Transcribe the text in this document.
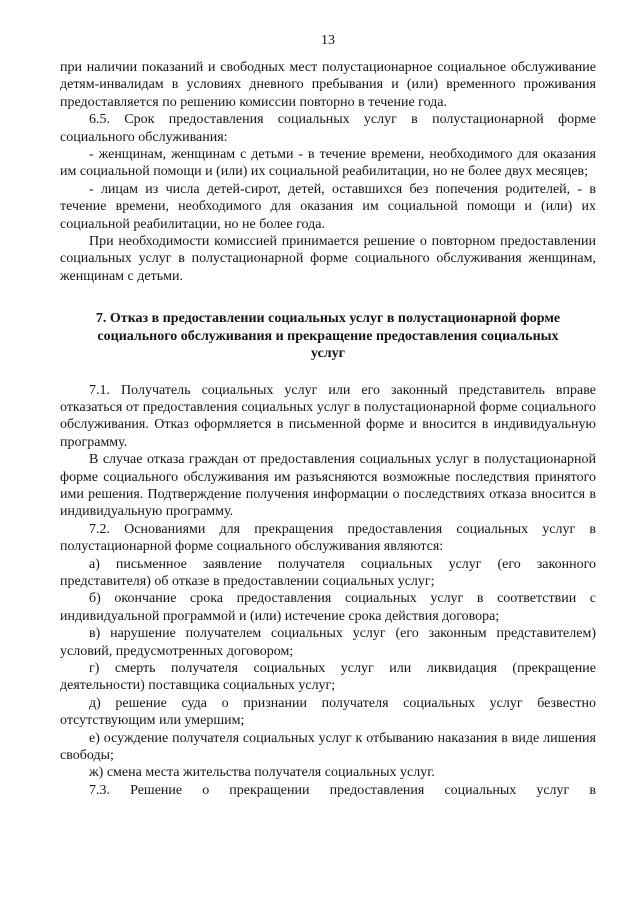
13

при наличии показаний и свободных мест полустационарное социальное обслуживание детям-инвалидам в условиях дневного пребывания и (или) временного проживания предоставляется по решению комиссии повторно в течение года.

6.5. Срок предоставления социальных услуг в полустационарной форме социального обслуживания:

- женщинам, женщинам с детьми - в течение времени, необходимого для оказания им социальной помощи и (или) их социальной реабилитации, но не более двух месяцев;

- лицам из числа детей-сирот, детей, оставшихся без попечения родителей, - в течение времени, необходимого для оказания им социальной помощи и (или) их социальной реабилитации, но не более года.

При необходимости комиссией принимается решение о повторном предоставлении социальных услуг в полустационарной форме социального обслуживания женщинам, женщинам с детьми.

7. Отказ в предоставлении социальных услуг в полустационарной форме социального обслуживания и прекращение предоставления социальных услуг

7.1. Получатель социальных услуг или его законный представитель вправе отказаться от предоставления социальных услуг в полустационарной форме социального обслуживания. Отказ оформляется в письменной форме и вносится в индивидуальную программу.

В случае отказа граждан от предоставления социальных услуг в полустационарной форме социального обслуживания им разъясняются возможные последствия принятого ими решения. Подтверждение получения информации о последствиях отказа вносится в индивидуальную программу.

7.2. Основаниями для прекращения предоставления социальных услуг в полустационарной форме социального обслуживания являются:

а) письменное заявление получателя социальных услуг (его законного представителя) об отказе в предоставлении социальных услуг;

б) окончание срока предоставления социальных услуг в соответствии с индивидуальной программой и (или) истечение срока действия договора;

в) нарушение получателем социальных услуг (его законным представителем) условий, предусмотренных договором;

г) смерть получателя социальных услуг или ликвидация (прекращение деятельности) поставщика социальных услуг;

д) решение суда о признании получателя социальных услуг безвестно отсутствующим или умершим;

е) осуждение получателя социальных услуг к отбыванию наказания в виде лишения свободы;

ж) смена места жительства получателя социальных услуг.

7.3. Решение о прекращении предоставления социальных услуг в
